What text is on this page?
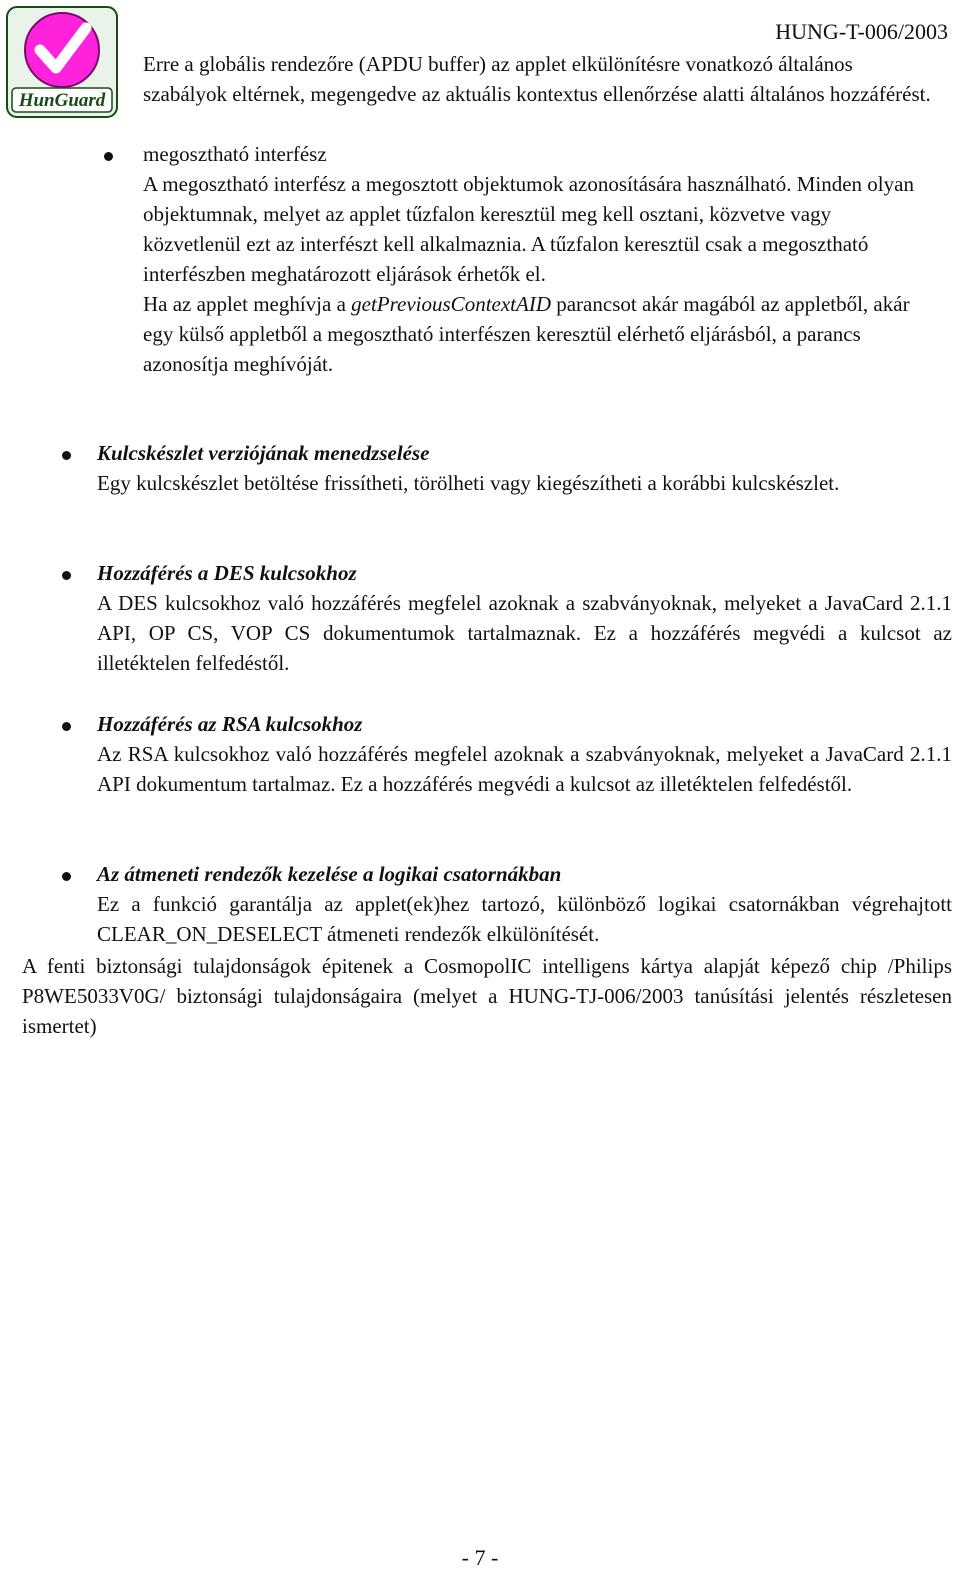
HunGuard
HUNG-T-006/2003

Erre a globális rendezőre (APDU buffer) az applet elkülönítésre vonatkozó általános szabályok eltérnek, megengedve az aktuális kontextus ellenőrzése alatti általános hozzáférést.

megosztható interfész

A megosztható interfész a megosztott objektumok azonosítására használható. Minden olyan objektumnak, melyet az applet tűzfalon keresztül meg kell osztani, közvetve vagy közvetlenül ezt az interfészt kell alkalmaznia. A tűzfalon keresztül csak a megosztható interfészben meghatározott eljárások érhetők el.

Ha az applet meghívja a getPreviousContextAID parancsot akár magából az appletből, akár egy külső appletből a megosztható interfészen keresztül elérhető eljárásból, a parancs azonosítja meghívóját.

Kulcskészlet verziójának menedzselése

Egy kulcskészlet betöltése frissítheti, törölheti vagy kiegészítheti a korábbi kulcskészlet.

Hozzáférés a DES kulcsokhoz

A DES kulcsokhoz való hozzáférés megfelel azoknak a szabványoknak, melyeket a JavaCard 2.1.1 API, OP CS, VOP CS dokumentumok tartalmaznak. Ez a hozzáférés megvédi a kulcsot az illetéktelen felfedéstől.

Hozzáférés az RSA kulcsokhoz

Az RSA kulcsokhoz való hozzáférés megfelel azoknak a szabványoknak, melyeket a JavaCard 2.1.1 API dokumentum tartalmaz. Ez a hozzáférés megvédi a kulcsot az illetéktelen felfedéstől.

Az átmeneti rendezők kezelése a logikai csatornákban

Ez a funkció garantálja az applet(ek)hez tartozó, különböző logikai csatornákban végrehajtott CLEAR_ON_DESELECT átmeneti rendezők elkülönítését.

A fenti biztonsági tulajdonságok épitenek a CosmopolIC intelligens kártya alapját képező chip /Philips P8WE5033V0G/ biztonsági tulajdonságaira (melyet a HUNG-TJ-006/2003 tanúsítási jelentés részletesen ismertet)

- 7 -
